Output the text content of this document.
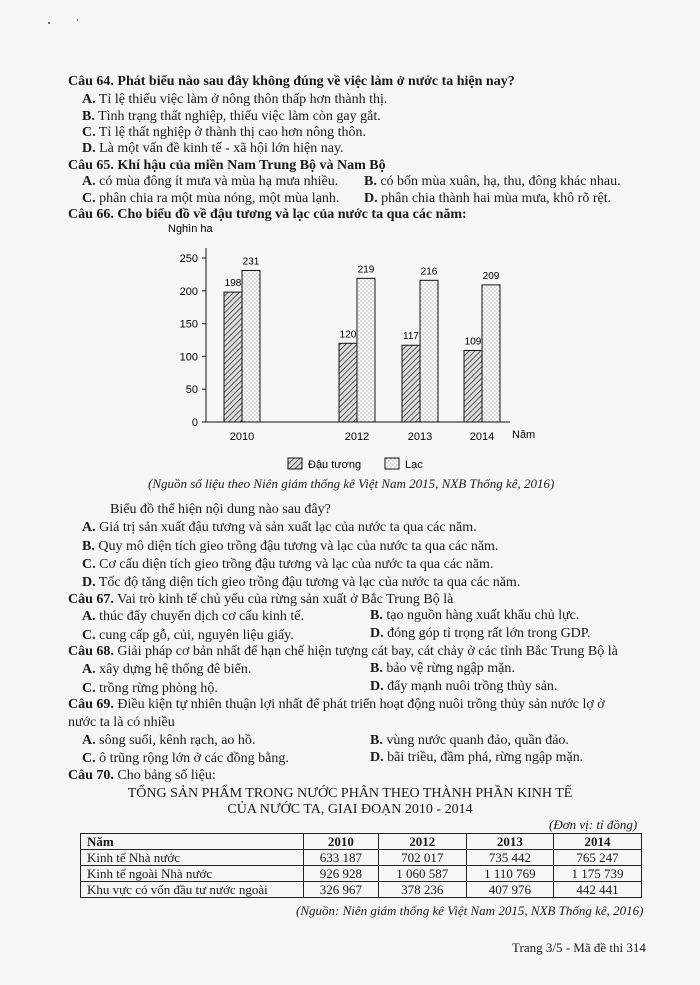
Câu 64. Phát biểu nào sau đây không đúng về việc làm ở nước ta hiện nay?
A. Tỉ lệ thiếu việc làm ở nông thôn thấp hơn thành thị.
B. Tình trạng thất nghiệp, thiếu việc làm còn gay gắt.
C. Tỉ lệ thất nghiệp ở thành thị cao hơn nông thôn.
D. Là một vấn đề kinh tế - xã hội lớn hiện nay.
Câu 65. Khí hậu của miền Nam Trung Bộ và Nam Bộ
A. có mùa đông ít mưa và mùa hạ mưa nhiều. B. có bốn mùa xuân, hạ, thu, đông khác nhau.
C. phân chia ra một mùa nóng, một mùa lạnh. D. phân chia thành hai mùa mưa, khô rõ rệt.
Câu 66. Cho biểu đồ về đậu tương và lạc của nước ta qua các năm:
Nghìn ha
0
50
100
150
200
250
198
231
120
219
117
216
109
209
2010	2012	2013	2014 Năm
Đậu tương	Lạc
(Nguồn số liệu theo Niên giám thống kê Việt Nam 2015, NXB Thống kê, 2016)
Biểu đồ thể hiện nội dung nào sau đây?
A. Giá trị sản xuất đậu tương và sản xuất lạc của nước ta qua các năm.
B. Quy mô diện tích gieo trồng đậu tương và lạc của nước ta qua các năm.
C. Cơ cấu diện tích gieo trồng đậu tương và lạc của nước ta qua các năm.
D. Tốc độ tăng diện tích gieo trồng đậu tương và lạc của nước ta qua các năm.
Câu 67. Vai trò kinh tế chủ yếu của rừng sản xuất ở Bắc Trung Bộ là
A. thúc đẩy chuyển dịch cơ cấu kinh tế.	B. tạo nguồn hàng xuất khẩu chủ lực.
C. cung cấp gỗ, củi, nguyên liệu giấy.	D. đóng góp tỉ trọng rất lớn trong GDP.
Câu 68. Giải pháp cơ bản nhất để hạn chế hiện tượng cát bay, cát chảy ở các tỉnh Bắc Trung Bộ là
A. xây dựng hệ thống đê biển.	B. bảo vệ rừng ngập mặn.
C. trồng rừng phòng hộ.	D. đẩy mạnh nuôi trồng thủy sản.
Câu 69. Điều kiện tự nhiên thuận lợi nhất để phát triển hoạt động nuôi trồng thủy sản nước lợ ở
nước ta là có nhiều
A. sông suối, kênh rạch, ao hồ.	B. vùng nước quanh đảo, quần đảo.
C. ô trũng rộng lớn ở các đồng bằng.	D. bãi triều, đầm phá, rừng ngập mặn.
Câu 70. Cho bảng số liệu:
TỔNG SẢN PHẨM TRONG NƯỚC PHÂN THEO THÀNH PHẦN KINH TẾ
CỦA NƯỚC TA, GIAI ĐOẠN 2010 - 2014
(Đơn vị: tỉ đồng)
Năm	2010	2012	2013	2014
Kinh tế Nhà nước	633 187	702 017	735 442	765 247
Kinh tế ngoài Nhà nước	926 928	1 060 587	1 110 769	1 175 739
Khu vực có vốn đầu tư nước ngoài	326 967	378 236	407 976	442 441
(Nguồn: Niên giám thống kê Việt Nam 2015, NXB Thống kê, 2016)
Trang 3/5 - Mã đề thi 314
